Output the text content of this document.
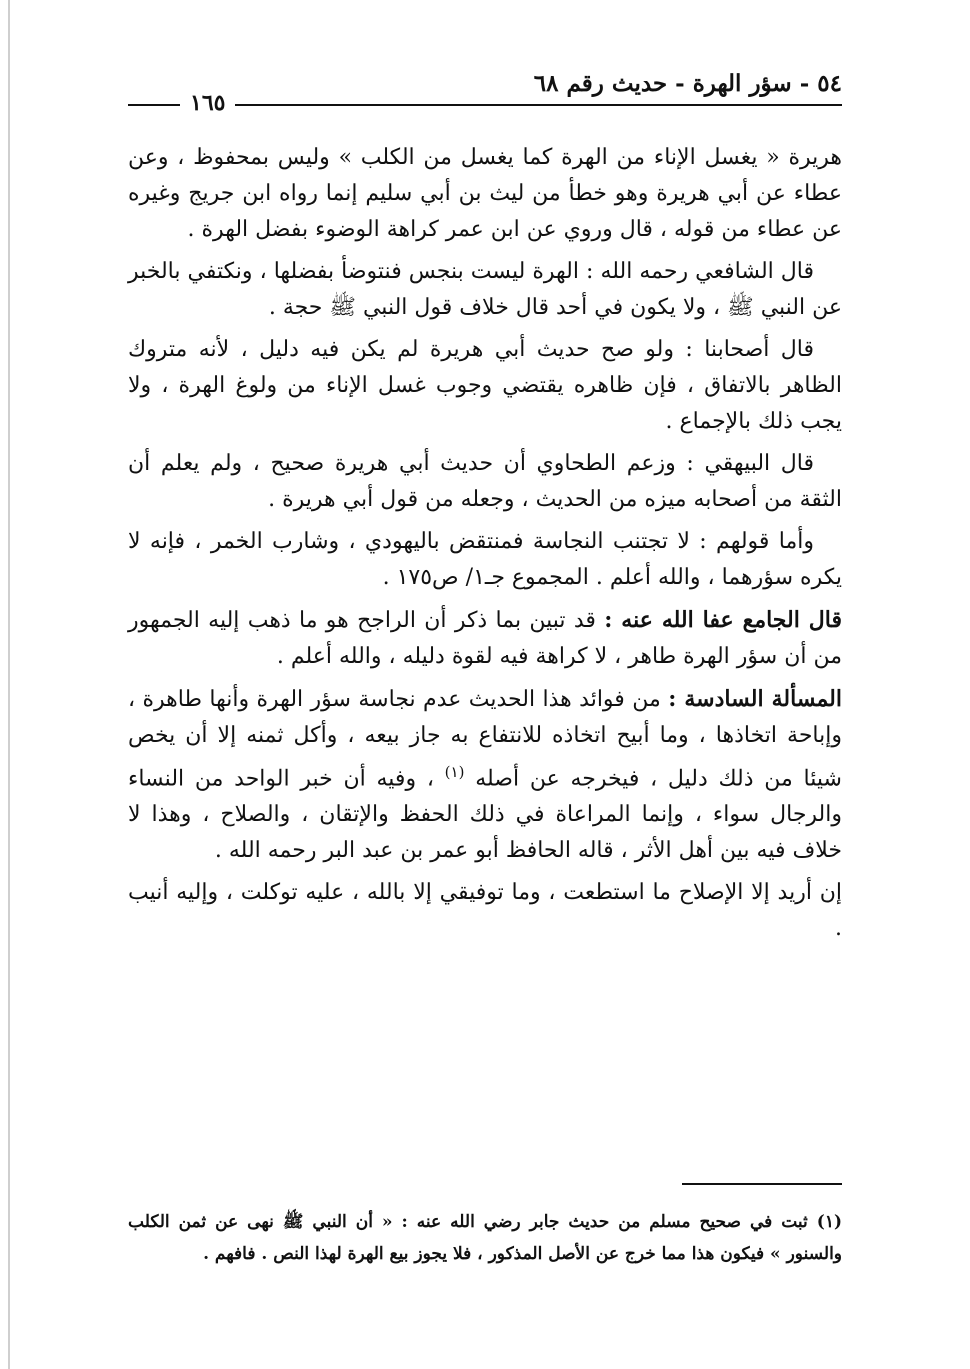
٥٤ - سؤر الهرة - حديث رقم ٦٨
١٦٥

هريرة « يغسل الإناء من الهرة كما يغسل من الكلب » وليس بمحفوظ ، وعن عطاء عن أبي هريرة وهو خطأ من ليث بن أبي سليم إنما رواه ابن جريج وغيره عن عطاء من قوله ، قال وروي عن ابن عمر كراهة الوضوء بفضل الهرة .

قال الشافعي رحمه الله : الهرة ليست بنجس فنتوضأ بفضلها ، ونكتفي بالخبر عن النبي ﷺ ، ولا يكون في أحد قال خلاف قول النبي ﷺ حجة .

قال أصحابنا : ولو صح حديث أبي هريرة لم يكن فيه دليل ، لأنه متروك الظاهر بالاتفاق ، فإن ظاهره يقتضي وجوب غسل الإناء من ولوغ الهرة ، ولا يجب ذلك بالإجماع .

قال البيهقي : وزعم الطحاوي أن حديث أبي هريرة صحيح ، ولم يعلم أن الثقة من أصحابه ميزه من الحديث ، وجعله من قول أبي هريرة .

وأما قولهم : لا تجتنب النجاسة فمنتقض باليهودي ، وشارب الخمر ، فإنه لا يكره سؤرهما ، والله أعلم . المجموع جـ١/ ص١٧٥ .

قال الجامع عفا الله عنه : قد تبين بما ذكر أن الراجح هو ما ذهب إليه الجمهور من أن سؤر الهرة طاهر ، لا كراهة فيه لقوة دليله ، والله أعلم .

المسألة السادسة : من فوائد هذا الحديث عدم نجاسة سؤر الهرة وأنها طاهرة ، وإباحة اتخاذها ، وما أبيح اتخاذه للانتفاع به جاز بيعه ، وأكل ثمنه إلا أن يخص شيئا من ذلك دليل ، فيخرجه عن أصله $^{(١)}$ ، وفيه أن خبر الواحد من النساء والرجال سواء ، وإنما المراعاة في ذلك الحفظ والإتقان ، والصلاح ، وهذا لا خلاف فيه بين أهل الأثر ، قاله الحافظ أبو عمر بن عبد البر رحمه الله .

إن أريد إلا الإصلاح ما استطعت ، وما توفيقي إلا بالله ، عليه توكلت ، وإليه أنيب .

(١) ثبت في صحيح مسلم من حديث جابر رضي الله عنه : « أن النبي ﷺ نهى عن ثمن الكلب والسنور » فيكون هذا مما خرج عن الأصل المذكور ، فلا يجوز بيع الهرة لهذا النص . فافهم .
